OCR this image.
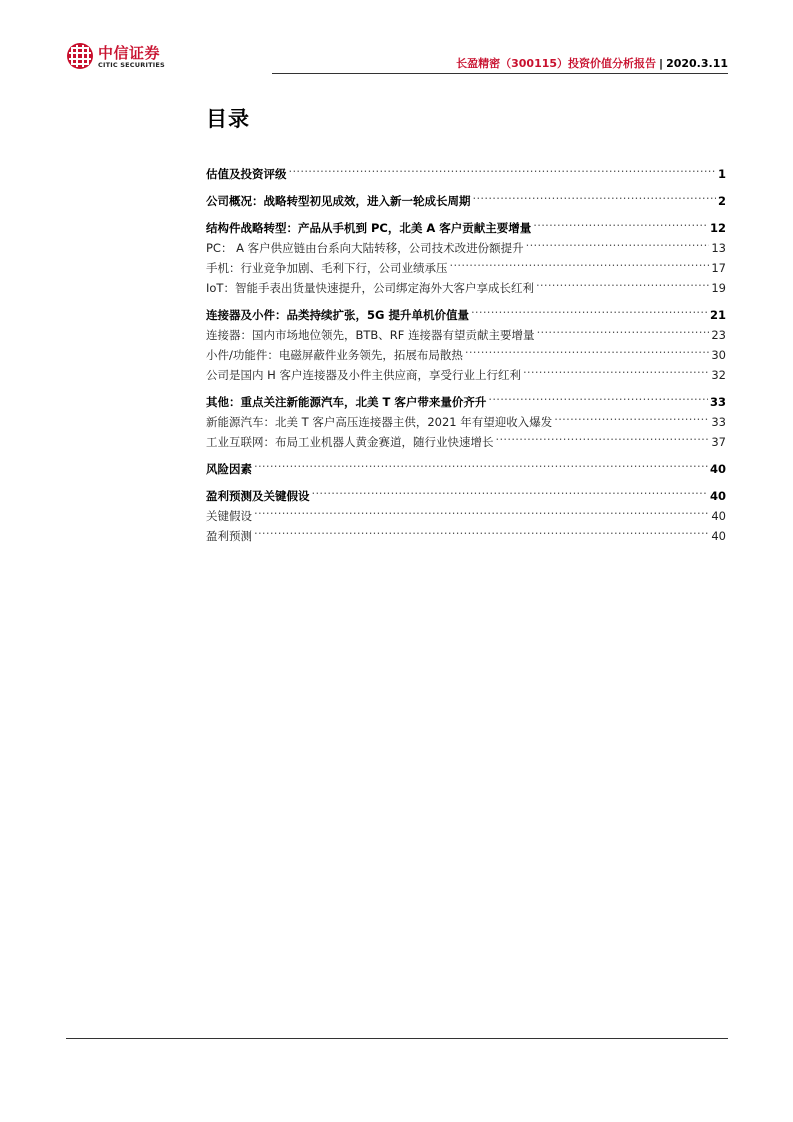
中信证券
CITIC SECURITIES	长盈精密（300115）投资价值分析报告 | 2020.3.11
目录
估值及投资评级 .....	1
公司概况：战略转型初见成效，进入新一轮成长周期 .....	2
结构件战略转型：产品从手机到 PC，北美 A 客户贡献主要增量 .....	12
PC： A 客户供应链由台系向大陆转移，公司技术改进份额提升 .....	13
手机：行业竞争加剧、毛利下行，公司业绩承压 .....	17
IoT：智能手表出货量快速提升，公司绑定海外大客户享成长红利 .....	19
连接器及小件：品类持续扩张，5G 提升单机价值量 .....	21
连接器：国内市场地位领先，BTB、RF 连接器有望贡献主要增量 .....	23
小件/功能件：电磁屏蔽件业务领先，拓展布局散热 .....	30
公司是国内 H 客户连接器及小件主供应商，享受行业上行红利 .....	32
其他：重点关注新能源汽车，北美 T 客户带来量价齐升 .....	33
新能源汽车：北美 T 客户高压连接器主供，2021 年有望迎收入爆发 .....	33
工业互联网：布局工业机器人黄金赛道，随行业快速增长 .....	37
风险因素 .....	40
盈利预测及关键假设 .....	40
关键假设 .....	40
盈利预测 .....	40
